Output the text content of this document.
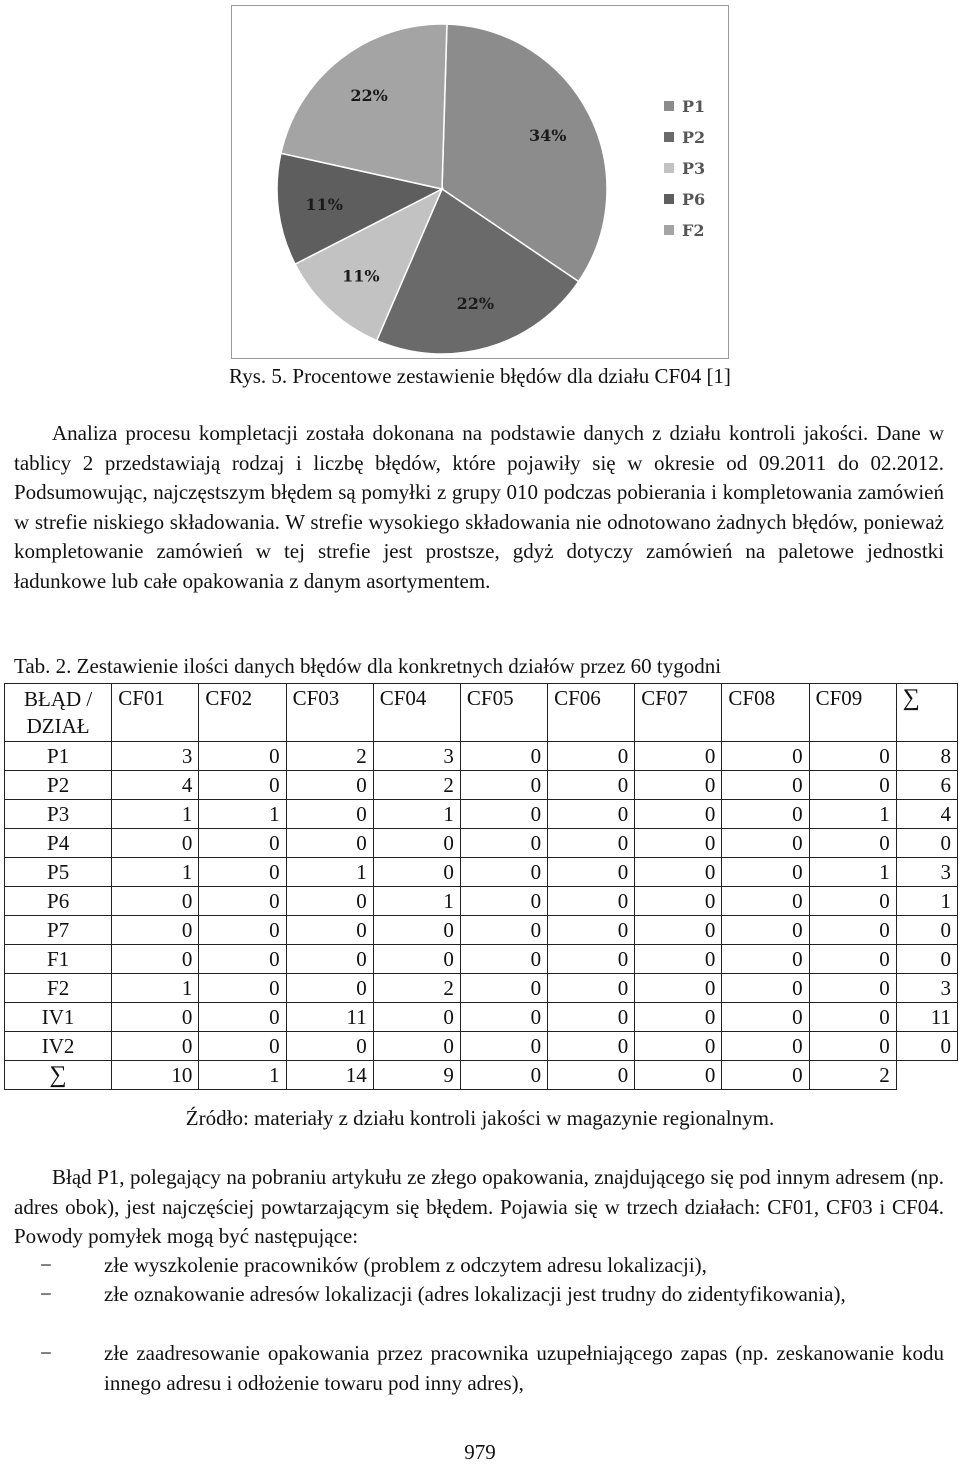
34%
22%
11%
11%
22%
P1
P2
P3
P6
F2
Rys. 5. Procentowe zestawienie błędów dla działu CF04 [1]

Analiza procesu kompletacji została dokonana na podstawie danych z działu kontroli jakości. Dane w tablicy 2 przedstawiają rodzaj i liczbę błędów, które pojawiły się w okresie od 09.2011 do 02.2012. Podsumowując, najczęstszym błędem są pomyłki z grupy 010 podczas pobierania i kompletowania zamówień w strefie niskiego składowania. W strefie wysokiego składowania nie odnotowano żadnych błędów, ponieważ kompletowanie zamówień w tej strefie jest prostsze, gdyż dotyczy zamówień na paletowe jednostki ładunkowe lub całe opakowania z danym asortymentem.

Tab. 2. Zestawienie ilości danych błędów dla konkretnych działów przez 60 tygodni
BŁĄD / DZIAŁ	CF01	CF02	CF03	CF04	CF05	CF06	CF07	CF08	CF09	∑
P1	3	0	2	3	0	0	0	0	0	8
P2	4	0	0	2	0	0	0	0	0	6
P3	1	1	0	1	0	0	0	0	1	4
P4	0	0	0	0	0	0	0	0	0	0
P5	1	0	1	0	0	0	0	0	1	3
P6	0	0	0	1	0	0	0	0	0	1
P7	0	0	0	0	0	0	0	0	0	0
F1	0	0	0	0	0	0	0	0	0	0
F2	1	0	0	2	0	0	0	0	0	3
IV1	0	0	11	0	0	0	0	0	0	11
IV2	0	0	0	0	0	0	0	0	0	0
∑	10	1	14	9	0	0	0	0	2	
Źródło: materiały z działu kontroli jakości w magazynie regionalnym.

Błąd P1, polegający na pobraniu artykułu ze złego opakowania, znajdującego się pod innym adresem (np. adres obok), jest najczęściej powtarzającym się błędem. Pojawia się w trzech działach: CF01, CF03 i CF04. Powody pomyłek mogą być następujące:

− złe wyszkolenie pracowników (problem z odczytem adresu lokalizacji),
− złe oznakowanie adresów lokalizacji (adres lokalizacji jest trudny do zidentyfikowania),
− złe zaadresowanie opakowania przez pracownika uzupełniającego zapas (np. zeskanowanie kodu innego adresu i odłożenie towaru pod inny adres),
979
